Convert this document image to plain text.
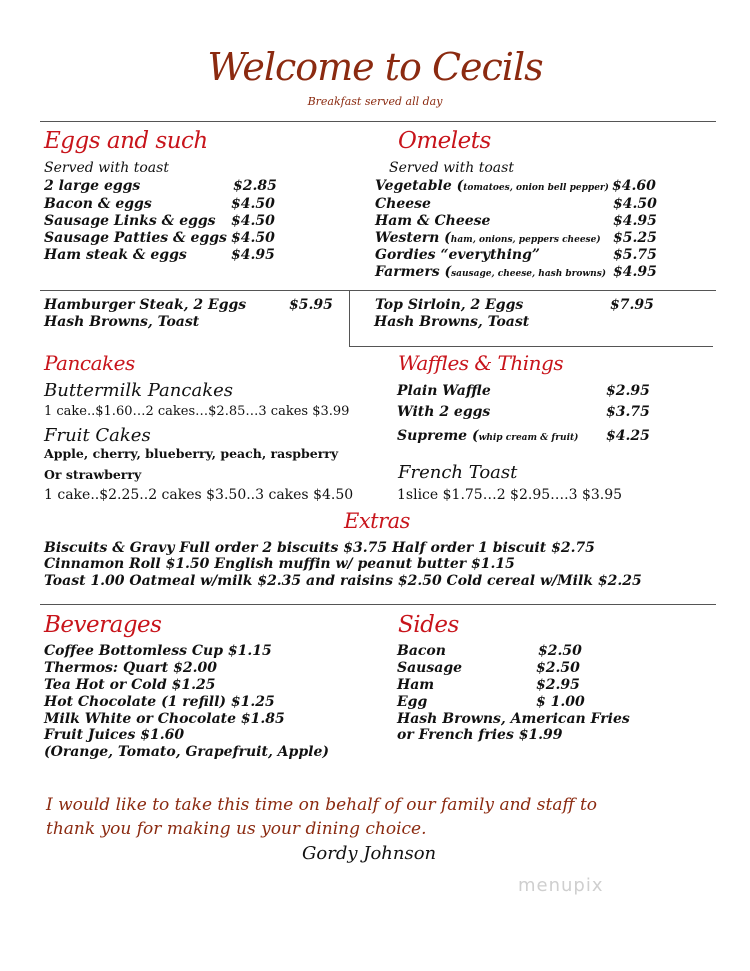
Welcome to Cecils
Breakfast served all day
Eggs and such
Served with toast
2 large eggs	$2.85
Bacon & eggs	$4.50
Sausage Links & eggs $4.50
Sausage Patties & eggs $4.50
Ham steak & eggs	$4.95
Omelets
Served with toast
Vegetable (tomatoes, onion bell pepper) $4.60
Cheese	$4.50
Ham & Cheese	$4.95
Western (ham, onions, peppers cheese) $5.25
Gordies “everything”	$5.75
Farmers (sausage, cheese, hash browns) $4.95
Hamburger Steak, 2 Eggs	$5.95
Hash Browns, Toast
Top Sirloin, 2 Eggs	$7.95
Hash Browns, Toast
Pancakes
Buttermilk Pancakes
1 cake..$1.60…2 cakes…$2.85…3 cakes $3.99
Fruit Cakes
Apple, cherry, blueberry, peach, raspberry
Or strawberry
1 cake..$2.25..2 cakes $3.50..3 cakes $4.50
Waffles & Things
Plain Waffle	$2.95
With 2 eggs	$3.75
Supreme (whip cream & fruit) $4.25
French Toast
1slice $1.75…2 $2.95….3 $3.95
Extras
Biscuits & Gravy Full order 2 biscuits $3.75 Half order 1 biscuit $2.75
Cinnamon Roll $1.50 English muffin w/ peanut butter $1.15
Toast 1.00 Oatmeal w/milk $2.35 and raisins $2.50 Cold cereal w/Milk $2.25
Beverages
Coffee Bottomless Cup $1.15
Thermos: Quart $2.00
Tea Hot or Cold $1.25
Hot Chocolate (1 refill) $1.25
Milk White or Chocolate $1.85
Fruit Juices $1.60
(Orange, Tomato, Grapefruit, Apple)
Sides
Bacon	$2.50
Sausage	$2.50
Ham	$2.95
Egg	$ 1.00
Hash Browns, American Fries
or French fries $1.99
I would like to take this time on behalf of our family and staff to
thank you for making us your dining choice.
Gordy Johnson
menupix
